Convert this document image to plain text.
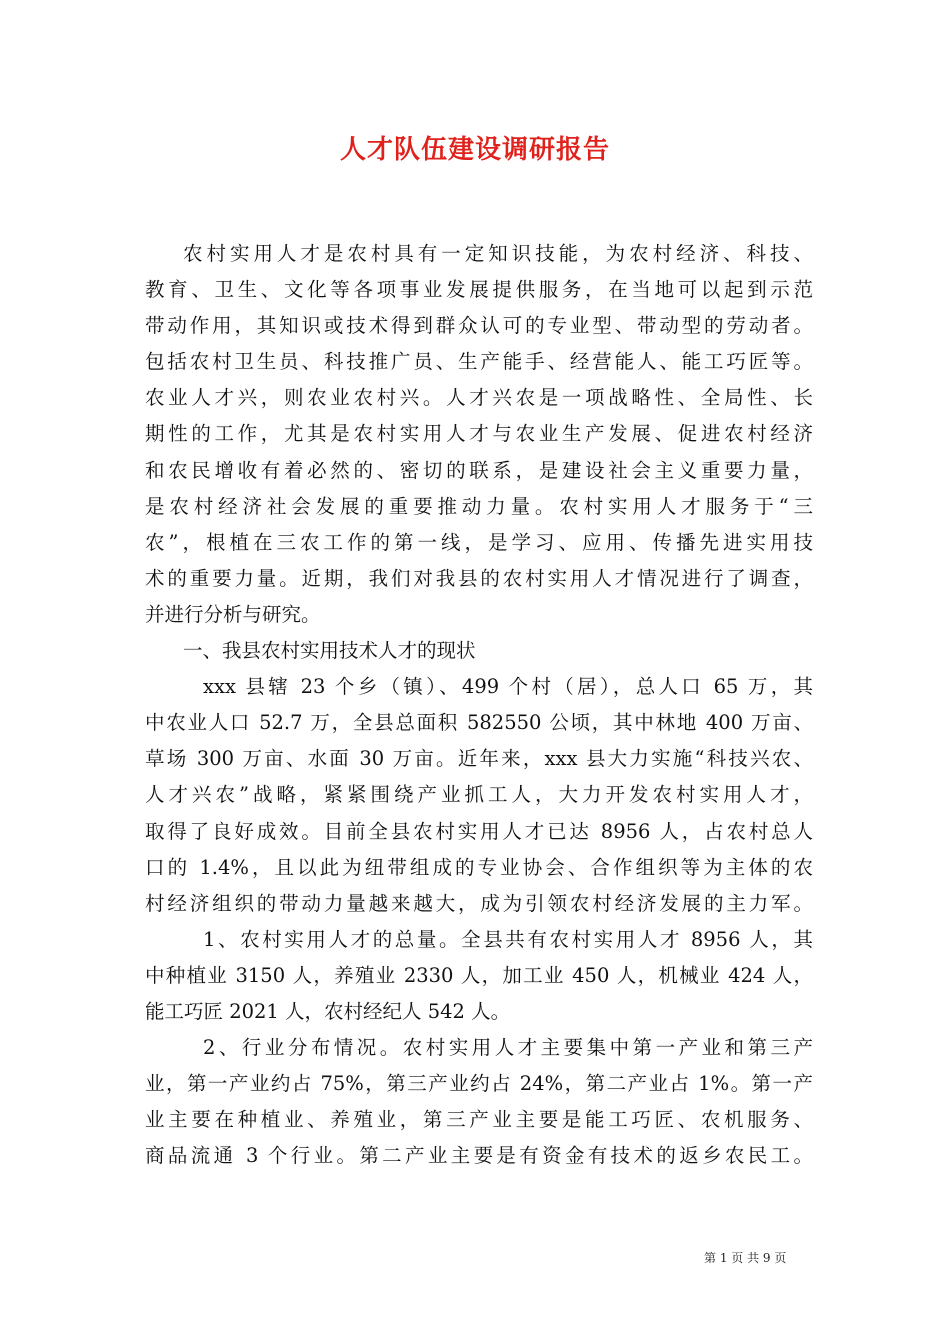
人才队伍建设调研报告
农村实用人才是农村具有一定知识技能，为农村经济、科技、
教育、卫生、文化等各项事业发展提供服务，在当地可以起到示范
带动作用，其知识或技术得到群众认可的专业型、带动型的劳动者。
包括农村卫生员、科技推广员、生产能手、经营能人、能工巧匠等。
农业人才兴，则农业农村兴。人才兴农是一项战略性、全局性、长
期性的工作，尤其是农村实用人才与农业生产发展、促进农村经济
和农民增收有着必然的、密切的联系，是建设社会主义重要力量，
是农村经济社会发展的重要推动力量。农村实用人才服务于“三
农”，根植在三农工作的第一线，是学习、应用、传播先进实用技
术的重要力量。近期，我们对我县的农村实用人才情况进行了调查，
并进行分析与研究。
一、我县农村实用技术人才的现状
xxx 县辖 23 个乡（镇）、499 个村（居），总人口 65 万，其
中农业人口 52.7 万，全县总面积 582550 公顷，其中林地 400 万亩、
草场 300 万亩、水面 30 万亩。近年来，xxx 县大力实施“科技兴农、
人才兴农”战略，紧紧围绕产业抓工人，大力开发农村实用人才，
取得了良好成效。目前全县农村实用人才已达 8956 人，占农村总人
口的 1.4%，且以此为纽带组成的专业协会、合作组织等为主体的农
村经济组织的带动力量越来越大，成为引领农村经济发展的主力军。
1、农村实用人才的总量。全县共有农村实用人才 8956 人，其
中种植业 3150 人，养殖业 2330 人，加工业 450 人，机械业 424 人，
能工巧匠 2021 人，农村经纪人 542 人。
2、行业分布情况。农村实用人才主要集中第一产业和第三产
业，第一产业约占 75%，第三产业约占 24%，第二产业占 1%。第一产
业主要在种植业、养殖业，第三产业主要是能工巧匠、农机服务、
商品流通 3 个行业。第二产业主要是有资金有技术的返乡农民工。
第 1 页 共 9 页
